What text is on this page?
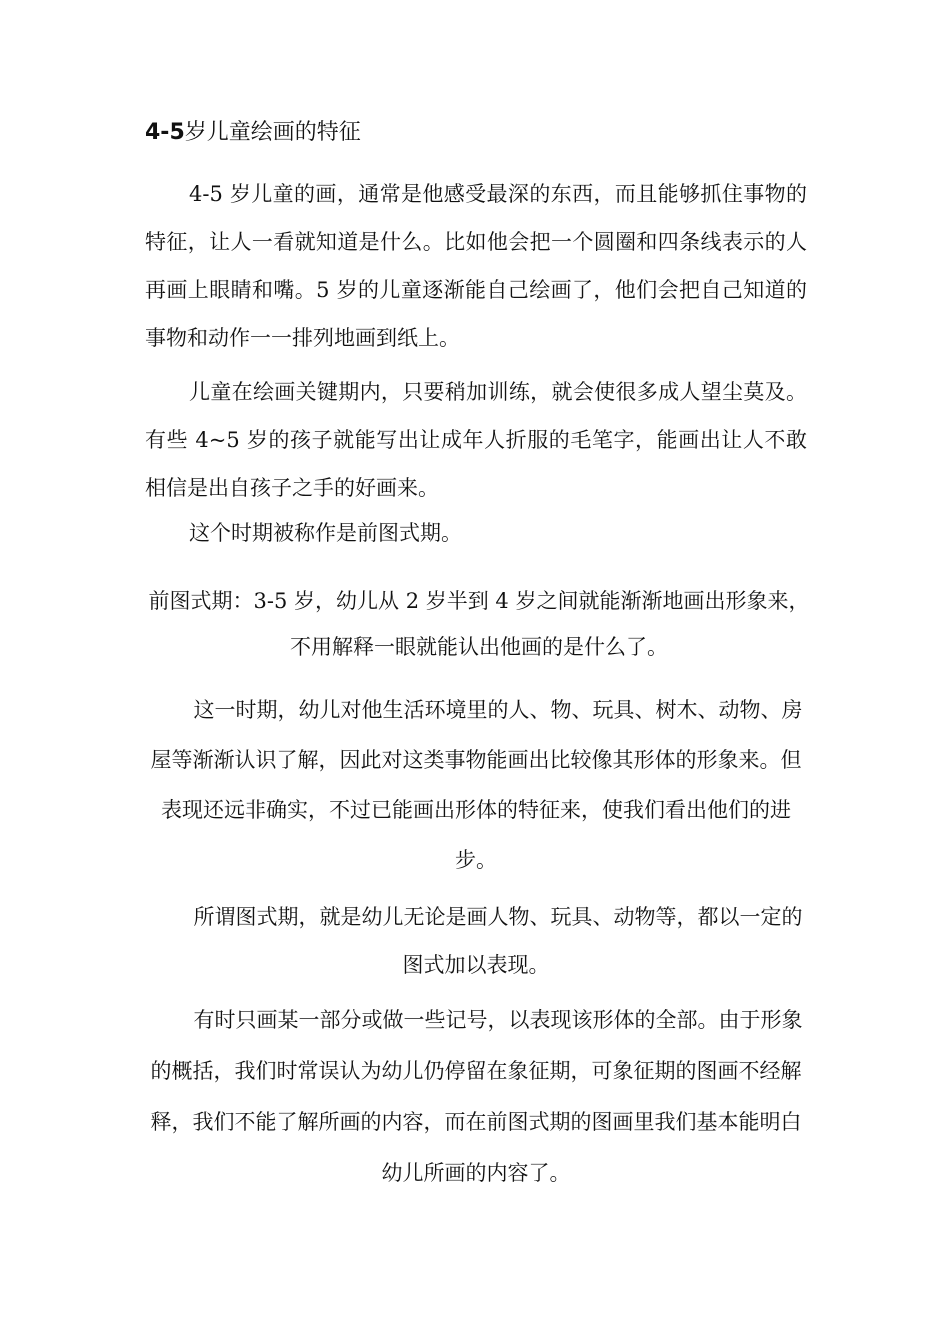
4-5岁儿童绘画的特征

4-5 岁儿童的画，通常是他感受最深的东西，而且能够抓住事物的特征，让人一看就知道是什么。比如他会把一个圆圈和四条线表示的人再画上眼睛和嘴。5 岁的儿童逐渐能自己绘画了，他们会把自己知道的事物和动作一一排列地画到纸上。

儿童在绘画关键期内，只要稍加训练，就会使很多成人望尘莫及。有些 4~5 岁的孩子就能写出让成年人折服的毛笔字，能画出让人不敢相信是出自孩子之手的好画来。

这个时期被称作是前图式期。

前图式期：3-5 岁，幼儿从 2 岁半到 4 岁之间就能渐渐地画出形象来，不用解释一眼就能认出他画的是什么了。

这一时期，幼儿对他生活环境里的人、物、玩具、树木、动物、房屋等渐渐认识了解，因此对这类事物能画出比较像其形体的形象来。但表现还远非确实，不过已能画出形体的特征来，使我们看出他们的进步。

所谓图式期，就是幼儿无论是画人物、玩具、动物等，都以一定的图式加以表现。

有时只画某一部分或做一些记号，以表现该形体的全部。由于形象的概括，我们时常误认为幼儿仍停留在象征期，可象征期的图画不经解释，我们不能了解所画的内容，而在前图式期的图画里我们基本能明白幼儿所画的内容了。
